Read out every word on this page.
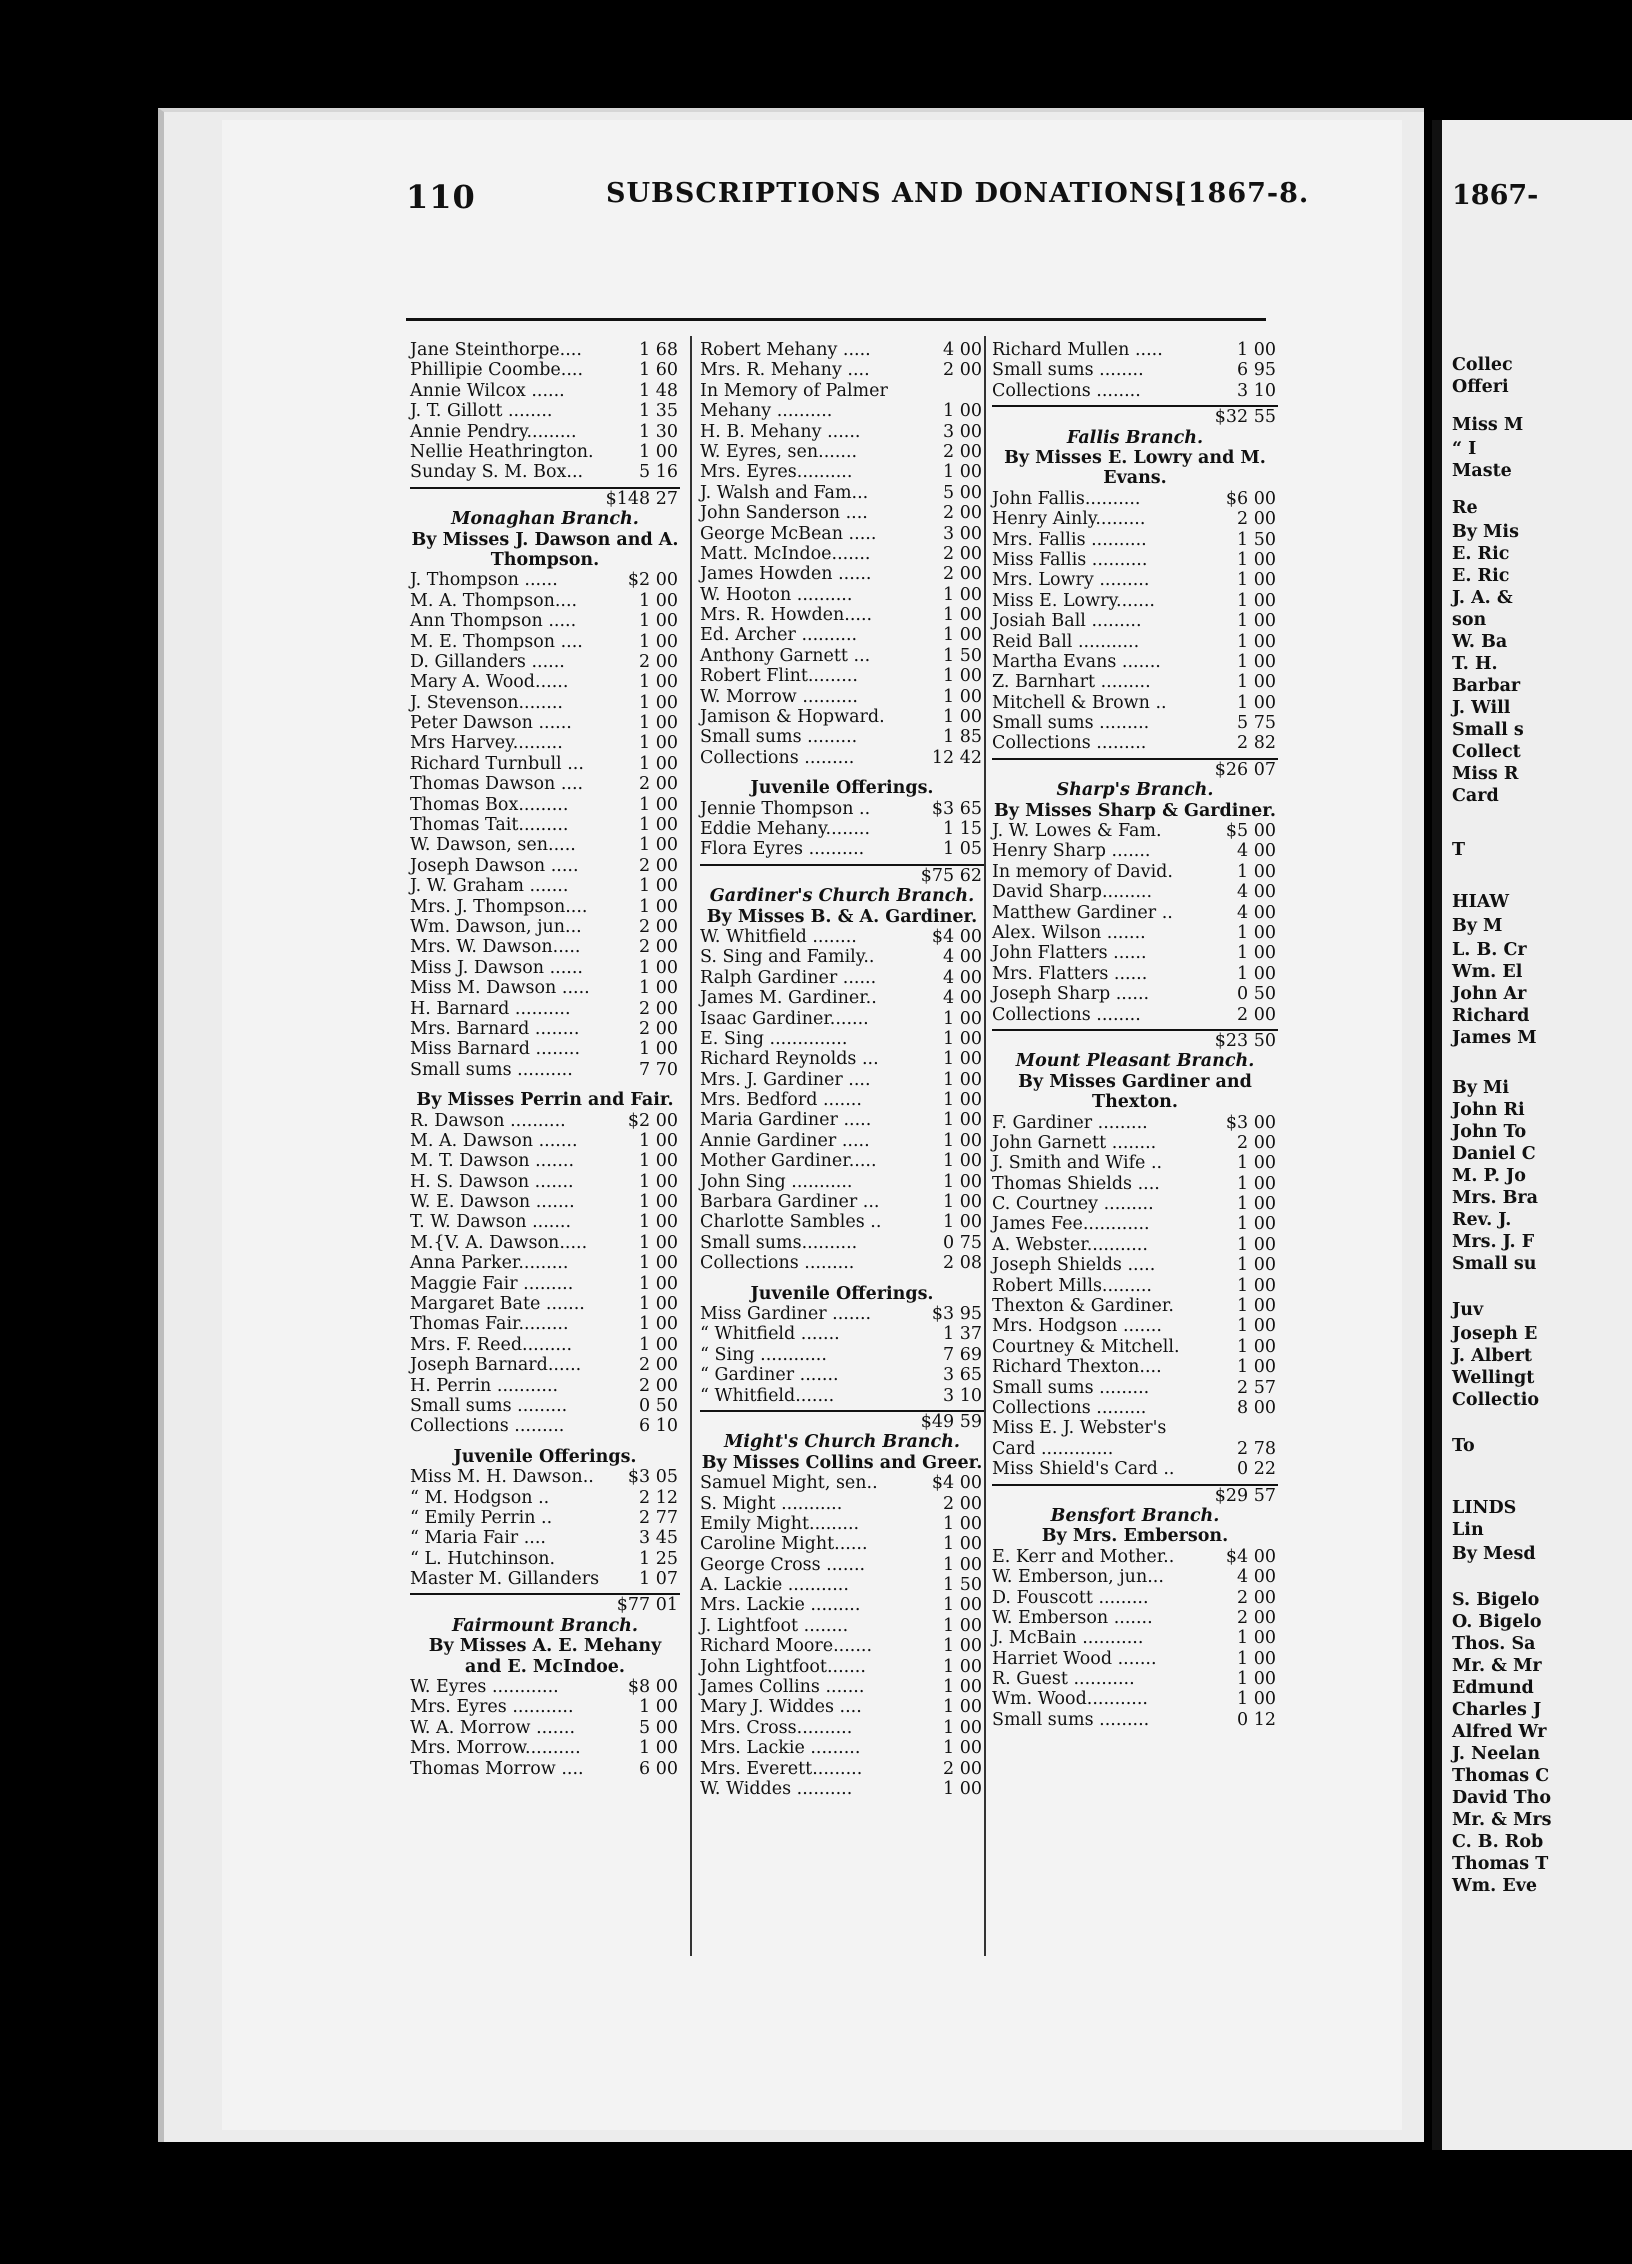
1867-
Collec
Offeri
Miss M
“ I
Maste
Re
By Mis
E. Ric
E. Ric
J. A. &
son
W. Ba
T. H.
Barbar
J. Will
Small s
Collect
Miss R
Card
T
HIAW
By M
L. B. Cr
Wm. El
John Ar
Richard
James M
By Mi
John Ri
John To
Daniel C
M. P. Jo
Mrs. Bra
Rev. J.
Mrs. J. F
Small su
Juv
Joseph E
J. Albert
Wellingt
Collectio
To
LINDS
Lin
By Mesd
S. Bigelo
O. Bigelo
Thos. Sa
Mr. & Mr
Edmund
Charles J
Alfred Wr
J. Neelan
Thomas C
David Tho
Mr. & Mrs
C. B. Rob
Thomas T
Wm. Eve
110	SUBSCRIPTIONS AND DONATIONS.
[1867-8.
Jane Steinthorpe....	1 68
Phillipie Coombe....	1 60
Annie Wilcox ......	1 48
J. T. Gillott ........	1 35
Annie Pendry.........	1 30
Nellie Heathrington.	1 00
Sunday S. M. Box...	5 16
$148 27
Monaghan Branch.
By Misses J. Dawson and A. Thompson.
J. Thompson ......	$2 00
M. A. Thompson....	1 00
Ann Thompson .....	1 00
M. E. Thompson ....	1 00
D. Gillanders ......	2 00
Mary A. Wood......	1 00
J. Stevenson........	1 00
Peter Dawson ......	1 00
Mrs Harvey.........	1 00
Richard Turnbull ...	1 00
Thomas Dawson ....	2 00
Thomas Box.........	1 00
Thomas Tait.........	1 00
W. Dawson, sen.....	1 00
Joseph Dawson .....	2 00
J. W. Graham .......	1 00
Mrs. J. Thompson....	1 00
Wm. Dawson, jun...	2 00
Mrs. W. Dawson.....	2 00
Miss J. Dawson ......	1 00
Miss M. Dawson .....	1 00
H. Barnard ..........	2 00
Mrs. Barnard ........	2 00
Miss Barnard ........	1 00
Small sums ..........	7 70
By Misses Perrin and Fair.
R. Dawson ..........	$2 00
M. A. Dawson .......	1 00
M. T. Dawson .......	1 00
H. S. Dawson .......	1 00
W. E. Dawson .......	1 00
T. W. Dawson .......	1 00
M.{V. A. Dawson.....	1 00
Anna Parker.........	1 00
Maggie Fair .........	1 00
Margaret Bate .......	1 00
Thomas Fair.........	1 00
Mrs. F. Reed.........	1 00
Joseph Barnard......	2 00
H. Perrin ...........	2 00
Small sums .........	0 50
Collections .........	6 10
Juvenile Offerings.
Miss M. H. Dawson.. $3 05
“ M. Hodgson ..	2 12
“ Emily Perrin ..	2 77
“ Maria Fair ....	3 45
“ L. Hutchinson.	1 25
Master M. Gillanders 1 07
$77 01
Fairmount Branch.
By Misses A. E. Mehany and E. McIndoe.
W. Eyres ............	$8 00
Mrs. Eyres ...........	1 00
W. A. Morrow .......	5 00
Mrs. Morrow..........	1 00
Thomas Morrow ....	6 00
Robert Mehany .....	4 00
Mrs. R. Mehany ....	2 00
In Memory of Palmer
Mehany ..........	1 00
H. B. Mehany ......	3 00
W. Eyres, sen.......	2 00
Mrs. Eyres..........	1 00
J. Walsh and Fam...	5 00
John Sanderson ....	2 00
George McBean .....	3 00
Matt. McIndoe.......	2 00
James Howden ......	2 00
W. Hooton ..........	1 00
Mrs. R. Howden.....	1 00
Ed. Archer ..........	1 00
Anthony Garnett ...	1 50
Robert Flint.........	1 00
W. Morrow ..........	1 00
Jamison & Hopward.	1 00
Small sums .........	1 85
Collections .........	12 42
Juvenile Offerings.
Jennie Thompson ..	$3 65
Eddie Mehany........	1 15
Flora Eyres ..........	1 05
$75 62
Gardiner's Church Branch.
By Misses B. & A. Gardiner.
W. Whitfield ........	$4 00
S. Sing and Family..	4 00
Ralph Gardiner ......	4 00
James M. Gardiner..	4 00
Isaac Gardiner.......	1 00
E. Sing ..............	1 00
Richard Reynolds ...	1 00
Mrs. J. Gardiner ....	1 00
Mrs. Bedford .......	1 00
Maria Gardiner .....	1 00
Annie Gardiner .....	1 00
Mother Gardiner.....	1 00
John Sing ...........	1 00
Barbara Gardiner ...	1 00
Charlotte Sambles ..	1 00
Small sums..........	0 75
Collections .........	2 08
Juvenile Offerings.
Miss Gardiner .......	$3 95
“ Whitfield .......	1 37
“ Sing ............	7 69
“ Gardiner .......	3 65
“ Whitfield.......	3 10
$49 59
Might's Church Branch.
By Misses Collins and Greer.
Samuel Might, sen..	$4 00
S. Might ...........	2 00
Emily Might.........	1 00
Caroline Might......	1 00
George Cross .......	1 00
A. Lackie ...........	1 50
Mrs. Lackie .........	1 00
J. Lightfoot ........	1 00
Richard Moore.......	1 00
John Lightfoot.......	1 00
James Collins .......	1 00
Mary J. Widdes ....	1 00
Mrs. Cross..........	1 00
Mrs. Lackie .........	1 00
Mrs. Everett.........	2 00
W. Widdes ..........	1 00
Richard Mullen .....	1 00
Small sums ........	6 95
Collections ........	3 10
$32 55
Fallis Branch.
By Misses E. Lowry and M. Evans.
John Fallis..........	$6 00
Henry Ainly.........	2 00
Mrs. Fallis ..........	1 50
Miss Fallis ..........	1 00
Mrs. Lowry .........	1 00
Miss E. Lowry.......	1 00
Josiah Ball .........	1 00
Reid Ball ...........	1 00
Martha Evans .......	1 00
Z. Barnhart .........	1 00
Mitchell & Brown ..	1 00
Small sums .........	5 75
Collections .........	2 82
$26 07
Sharp's Branch.
By Misses Sharp & Gardiner.
J. W. Lowes & Fam.	$5 00
Henry Sharp .......	4 00
In memory of David.	1 00
David Sharp.........	4 00
Matthew Gardiner ..	4 00
Alex. Wilson .......	1 00
John Flatters ......	1 00
Mrs. Flatters ......	1 00
Joseph Sharp ......	0 50
Collections ........	2 00
$23 50
Mount Pleasant Branch.
By Misses Gardiner and Thexton.
F. Gardiner .........	$3 00
John Garnett ........	2 00
J. Smith and Wife ..	1 00
Thomas Shields ....	1 00
C. Courtney .........	1 00
James Fee............	1 00
A. Webster...........	1 00
Joseph Shields .....	1 00
Robert Mills.........	1 00
Thexton & Gardiner.	1 00
Mrs. Hodgson .......	1 00
Courtney & Mitchell.	1 00
Richard Thexton....	1 00
Small sums .........	2 57
Collections .........	8 00
Miss E. J. Webster's
Card .............	2 78
Miss Shield's Card ..	0 22
$29 57
Bensfort Branch.
By Mrs. Emberson.
E. Kerr and Mother..	$4 00
W. Emberson, jun...	4 00
D. Fouscott .........	2 00
W. Emberson .......	2 00
J. McBain ...........	1 00
Harriet Wood .......	1 00
R. Guest ...........	1 00
Wm. Wood...........	1 00
Small sums .........	0 12
